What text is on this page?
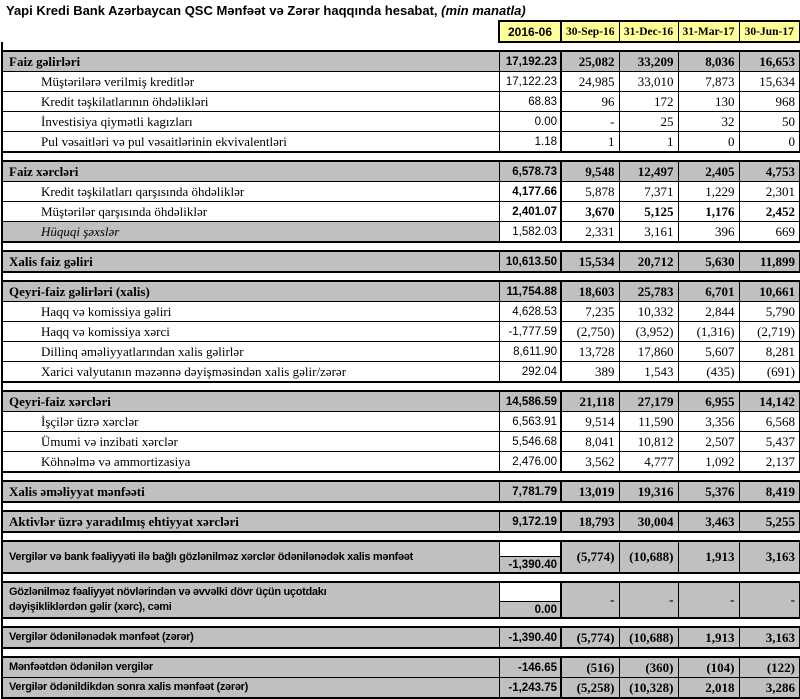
Yapi Kredi Bank Azərbaycan QSC Mənfəət və Zərər haqqında hesabat, (min manatla)
	2016-06	30-Sep-16	31-Dec-16	31-Mar-17	30-Jun-17

Faiz gəlirləri	17,192.23	25,082	33,209	8,036	16,653
Müştərilərə verilmiş kreditlər	17,122.23	24,985	33,010	7,873	15,634
Kredit təşkilatlarının öhdəlikləri	68.83	96	172	130	968
İnvestisiya qiymətli kagızları	0.00	-	25	32	50
Pul vəsaitləri və pul vəsaitlərinin ekvivalentləri	1.18	1	1	0	0

Faiz xərcləri	6,578.73	9,548	12,497	2,405	4,753
Kredit təşkilatları qarşısında öhdəliklər	4,177.66	5,878	7,371	1,229	2,301
Müştərilər qarşısında öhdəliklər	2,401.07	3,670	5,125	1,176	2,452
Hüquqi şəxslər	1,582.03	2,331	3,161	396	669

Xalis faiz gəliri	10,613.50	15,534	20,712	5,630	11,899

Qeyri-faiz gəlirləri (xalis)	11,754.88	18,603	25,783	6,701	10,661
Haqq və komissiya gəliri	4,628.53	7,235	10,332	2,844	5,790
Haqq və komissiya xərci	-1,777.59	(2,750)	(3,952)	(1,316)	(2,719)
Dillinq əməliyyatlarından xalis gəlirlər	8,611.90	13,728	17,860	5,607	8,281
Xarici valyutanın məzənnə dəyişməsindən xalis gəlir/zərər	292.04	389	1,543	(435)	(691)

Qeyri-faiz xərcləri	14,586.59	21,118	27,179	6,955	14,142
İşçilər üzrə xərclər	6,563.91	9,514	11,590	3,356	6,568
Ümumi və inzibati xərclər	5,546.68	8,041	10,812	2,507	5,437
Köhnəlmə və ammortizasiya	2,476.00	3,562	4,777	1,092	2,137

Xalis əməliyyat mənfəəti	7,781.79	13,019	19,316	5,376	8,419

Aktivlər üzrə yaradılmış ehtiyyat xərcləri	9,172.19	18,793	30,004	3,463	5,255

Vergilər və bank fəaliyyəti ilə bağlı gözlənilməz xərclər ödənilənədək xalis mənfəət	-1,390.40	(5,774)	(10,688)	1,913	3,163

Gözlənilməz fəaliyyət növlərindən və əvvəlki dövr üçün uçotdakı
dəyişikliklərdən gəlir (xərc), cəmi	0.00	-	-	-	-

Vergilər ödənilənədək mənfəət (zərər)	-1,390.40	(5,774)	(10,688)	1,913	3,163

Mənfəətdən ödənilən vergilər	-146.65	(516)	(360)	(104)	(122)
Vergilər ödənildikdən sonra xalis mənfəət (zərər)	-1,243.75	(5,258)	(10,328)	2,018	3,286
